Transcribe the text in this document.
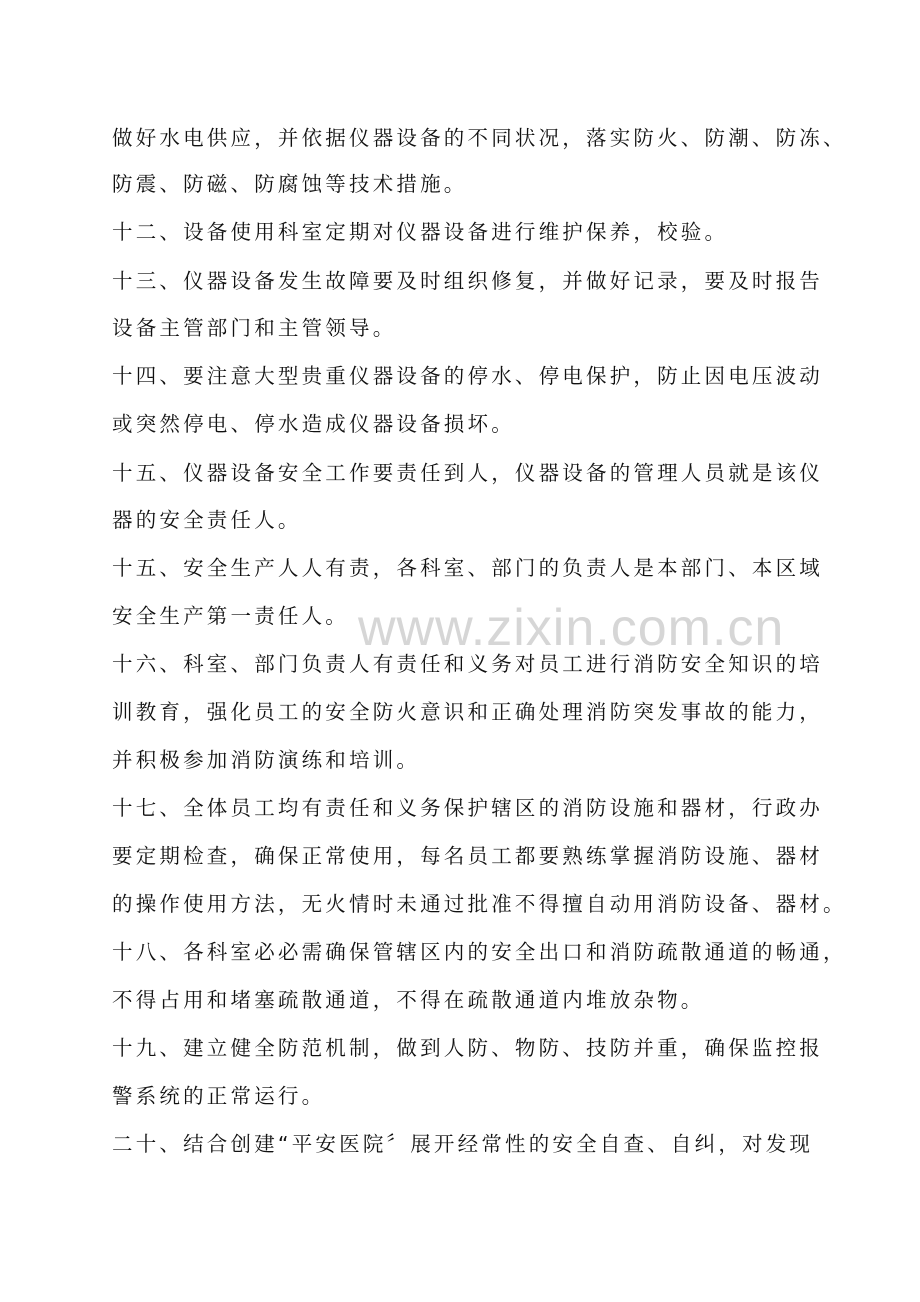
www.zixin.com.cn
做好水电供应，并依据仪器设备的不同状况，落实防火、防潮、防冻、
防震、防磁、防腐蚀等技术措施。
十二、设备使用科室定期对仪器设备进行维护保养，校验。
十三、仪器设备发生故障要及时组织修复，并做好记录，要及时报告
设备主管部门和主管领导。
十四、要注意大型贵重仪器设备的停水、停电保护，防止因电压波动
或突然停电、停水造成仪器设备损坏。
十五、仪器设备安全工作要责任到人，仪器设备的管理人员就是该仪
器的安全责任人。
十五、安全生产人人有责，各科室、部门的负责人是本部门、本区域
安全生产第一责任人。
十六、科室、部门负责人有责任和义务对员工进行消防安全知识的培
训教育，强化员工的安全防火意识和正确处理消防突发事故的能力，
并积极参加消防演练和培训。
十七、全体员工均有责任和义务保护辖区的消防设施和器材，行政办
要定期检查，确保正常使用，每名员工都要熟练掌握消防设施、器材
的操作使用方法，无火情时未通过批准不得擅自动用消防设备、器材。
十八、各科室必必需确保管辖区内的安全出口和消防疏散通道的畅通，
不得占用和堵塞疏散通道，不得在疏散通道内堆放杂物。
十九、建立健全防范机制，做到人防、物防、技防并重，确保监控报
警系统的正常运行。
二十、结合创建“平安医院〞展开经常性的安全自查、自纠，对发现
